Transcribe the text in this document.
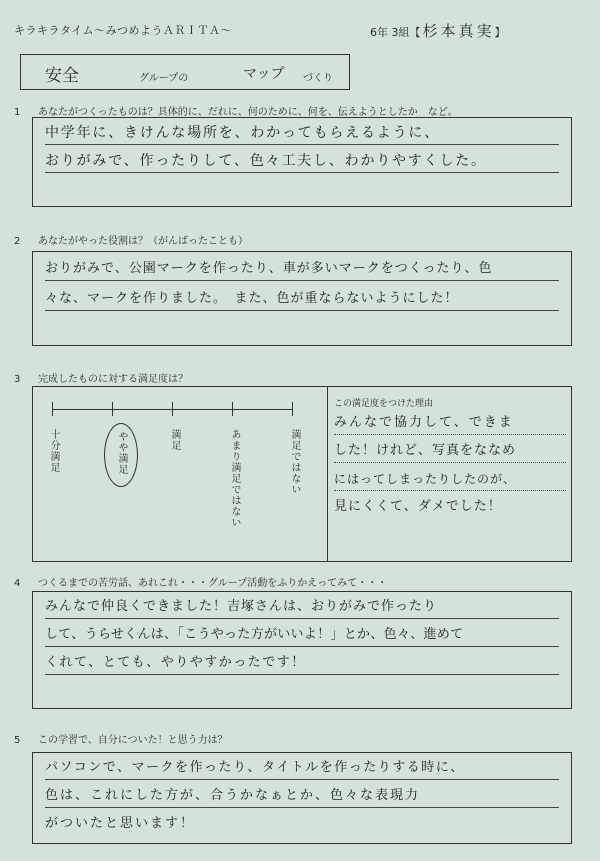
キラキラタイム〜みつめようＡＲＩＴＡ〜	6年 3組【 杉本真実】
安全	グループの	マップ づくり
1 あなたがつくったものは？具体的に、だれに、何のために、何を、伝えようとしたか　など。
中学年に、きけんな場所を、わかってもらえるように、
おりがみで、作ったりして、色々工夫し、わかりやすくした。
2 あなたがやった役割は？（がんばったことも）
おりがみで、公園マークを作ったり、車が多いマークをつくったり、色
々な、マークを作りました。　また、色が重ならないようにした！
3 完成したものに対する満足度は？
十分満足	やや満足	満足	あまり満足ではない	満足ではない
この満足度をつけた理由
みんなで協力して、できま
した！けれど、写真をななめ
にはってしまったりしたのが、
見にくくて、ダメでした！
4 つくるまでの苦労話、あれこれ・・・グループ活動をふりかえってみて・・・
みんなで仲良くできました！吉塚さんは、おりがみで作ったり
して、うらせくんは、「こうやった方がいいよ！」とか、色々、進めて
くれて、とても、やりやすかったです！
5 この学習で、自分についた！と思う力は？
パソコンで、マークを作ったり、タイトルを作ったりする時に、
色は、これにした方が、合うかなぁとか、色々な表現力
がついたと思います！
